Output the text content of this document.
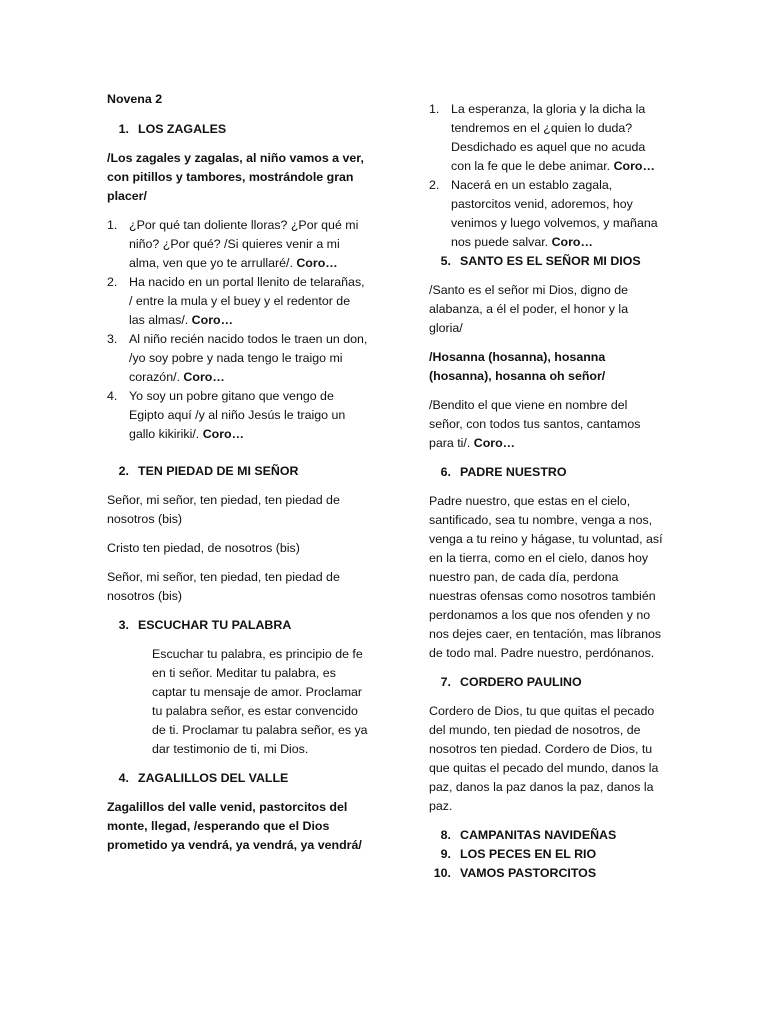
Novena 2

1. LOS ZAGALES

/Los zagales y zagalas, al niño vamos a ver, con pitillos y tambores, mostrándole gran placer/

1. ¿Por qué tan doliente lloras? ¿Por qué mi niño? ¿Por qué? /Si quieres venir a mi alma, ven que yo te arrullaré/. Coro…
2. Ha nacido en un portal llenito de telarañas, / entre la mula y el buey y el redentor de las almas/. Coro…
3. Al niño recién nacido todos le traen un don, /yo soy pobre y nada tengo le traigo mi corazón/. Coro…
4. Yo soy un pobre gitano que vengo de Egipto aquí /y al niño Jesús le traigo un gallo kikiriki/. Coro…
2. TEN PIEDAD DE MI SEÑOR

Señor, mi señor, ten piedad, ten piedad de nosotros (bis)

Cristo ten piedad, de nosotros (bis)

Señor, mi señor, ten piedad, ten piedad de nosotros (bis)

3. ESCUCHAR TU PALABRA

Escuchar tu palabra, es principio de fe en ti señor. Meditar tu palabra, es captar tu mensaje de amor. Proclamar tu palabra señor, es estar convencido de ti. Proclamar tu palabra señor, es ya dar testimonio de ti, mi Dios.

4. ZAGALILLOS DEL VALLE

Zagalillos del valle venid, pastorcitos del monte, llegad, /esperando que el Dios prometido ya vendrá, ya vendrá, ya vendrá/

1. La esperanza, la gloria y la dicha la tendremos en el ¿quien lo duda? Desdichado es aquel que no acuda con la fe que le debe animar. Coro…
2. Nacerá en un establo zagala, pastorcitos venid, adoremos, hoy venimos y luego volvemos, y mañana nos puede salvar. Coro…
5. SANTO ES EL SEÑOR MI DIOS

/Santo es el señor mi Dios, digno de alabanza, a él el poder, el honor y la gloria/

/Hosanna (hosanna), hosanna (hosanna), hosanna oh señor/

/Bendito el que viene en nombre del señor, con todos tus santos, cantamos para ti/. Coro…

6. PADRE NUESTRO

Padre nuestro, que estas en el cielo, santificado, sea tu nombre, venga a nos, venga a tu reino y hágase, tu voluntad, así en la tierra, como en el cielo, danos hoy nuestro pan, de cada día, perdona nuestras ofensas como nosotros también perdonamos a los que nos ofenden y no nos dejes caer, en tentación, mas líbranos de todo mal. Padre nuestro, perdónanos.

7. CORDERO PAULINO

Cordero de Dios, tu que quitas el pecado del mundo, ten piedad de nosotros, de nosotros ten piedad. Cordero de Dios, tu que quitas el pecado del mundo, danos la paz, danos la paz danos la paz, danos la paz.

8. CAMPANITAS NAVIDEÑAS
9. LOS PECES EN EL RIO
10. VAMOS PASTORCITOS
